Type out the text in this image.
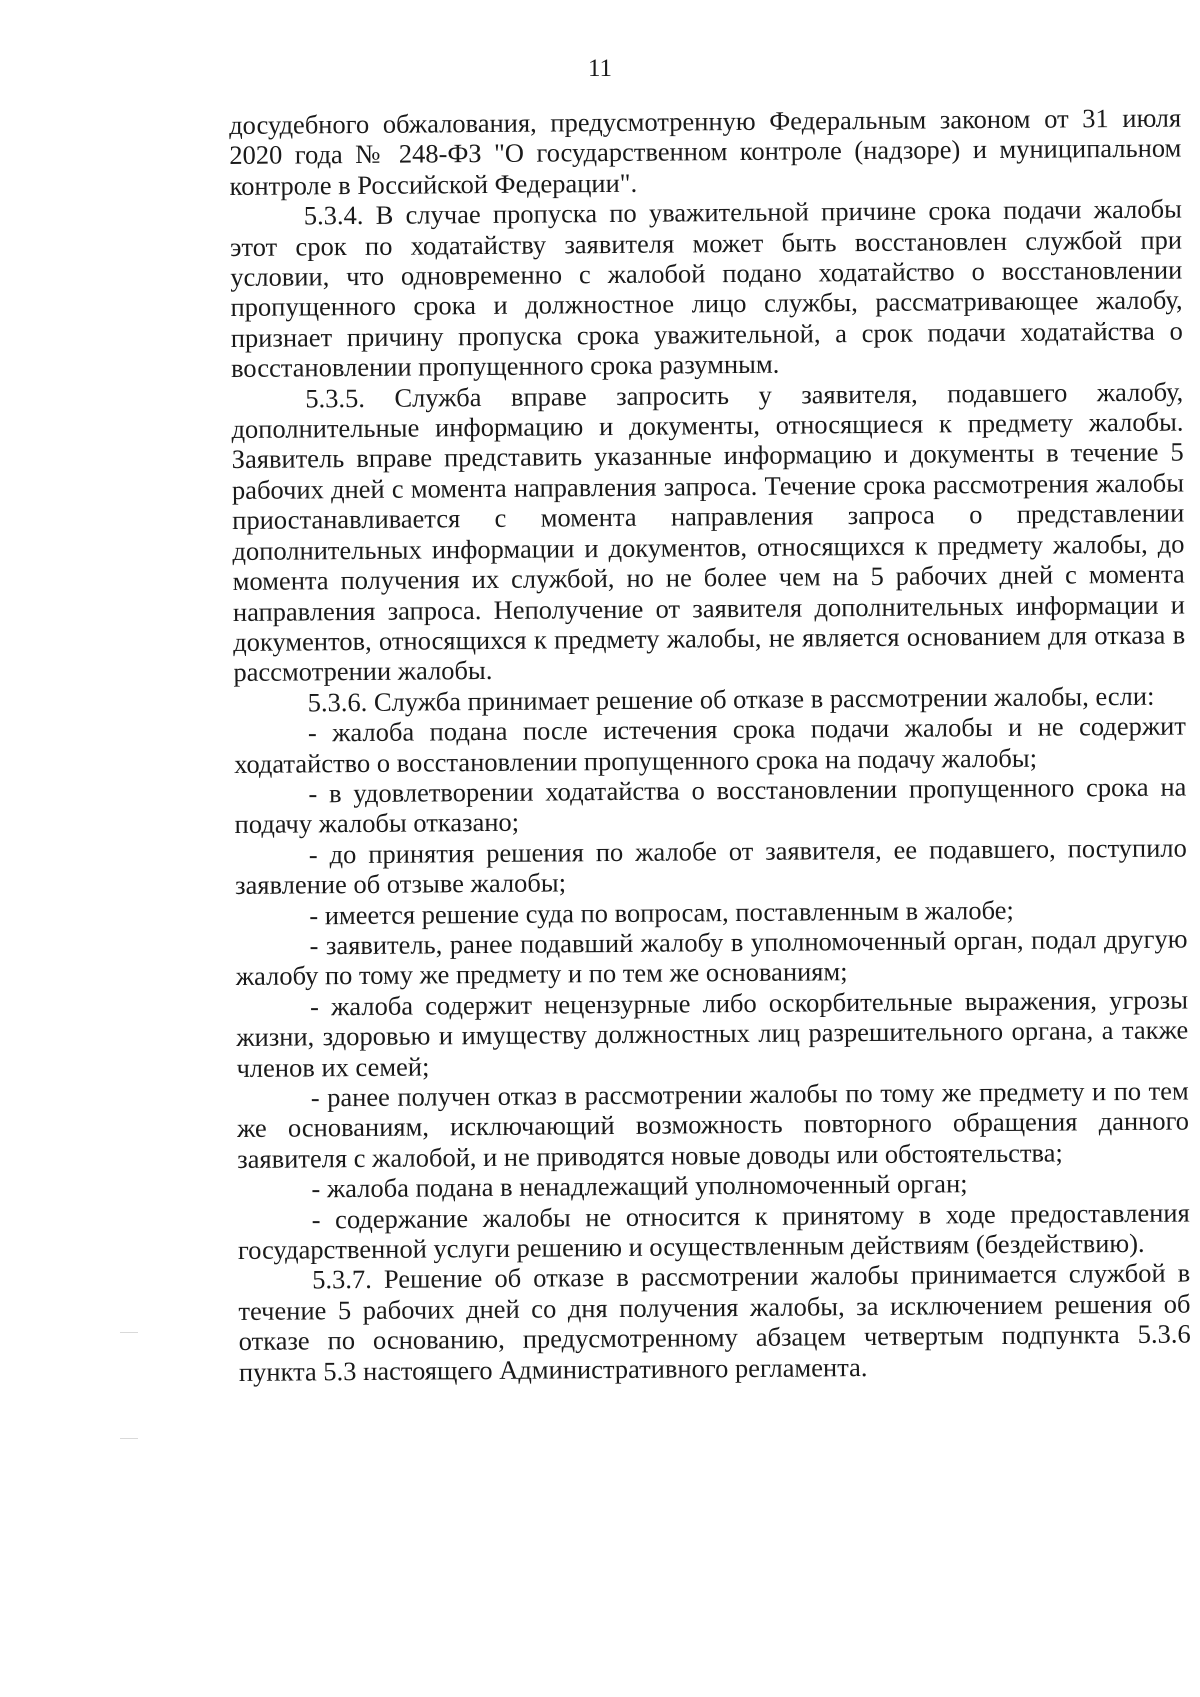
11

досудебного обжалования, предусмотренную Федеральным законом от 31 июля 2020 года № 248-ФЗ "О государственном контроле (надзоре) и муниципальном контроле в Российской Федерации".

5.3.4. В случае пропуска по уважительной причине срока подачи жалобы этот срок по ходатайству заявителя может быть восстановлен службой при условии, что одновременно с жалобой подано ходатайство о восстановлении пропущенного срока и должностное лицо службы, рассматривающее жалобу, признает причину пропуска срока уважительной, а срок подачи ходатайства о восстановлении пропущенного срока разумным.

5.3.5. Служба вправе запросить у заявителя, подавшего жалобу, дополнительные информацию и документы, относящиеся к предмету жалобы. Заявитель вправе представить указанные информацию и документы в течение 5 рабочих дней с момента направления запроса. Течение срока рассмотрения жалобы приостанавливается с момента направления запроса о представлении дополнительных информации и документов, относящихся к предмету жалобы, до момента получения их службой, но не более чем на 5 рабочих дней с момента направления запроса. Неполучение от заявителя дополнительных информации и документов, относящихся к предмету жалобы, не является основанием для отказа в рассмотрении жалобы.

5.3.6. Служба принимает решение об отказе в рассмотрении жалобы, если:

- жалоба подана после истечения срока подачи жалобы и не содержит ходатайство о восстановлении пропущенного срока на подачу жалобы;

- в удовлетворении ходатайства о восстановлении пропущенного срока на подачу жалобы отказано;

- до принятия решения по жалобе от заявителя, ее подавшего, поступило заявление об отзыве жалобы;

- имеется решение суда по вопросам, поставленным в жалобе;

- заявитель, ранее подавший жалобу в уполномоченный орган, подал другую жалобу по тому же предмету и по тем же основаниям;

- жалоба содержит нецензурные либо оскорбительные выражения, угрозы жизни, здоровью и имуществу должностных лиц разрешительного органа, а также членов их семей;

- ранее получен отказ в рассмотрении жалобы по тому же предмету и по тем же основаниям, исключающий возможность повторного обращения данного заявителя с жалобой, и не приводятся новые доводы или обстоятельства;

- жалоба подана в ненадлежащий уполномоченный орган;

- содержание жалобы не относится к принятому в ходе предоставления государственной услуги решению и осуществленным действиям (бездействию).

5.3.7. Решение об отказе в рассмотрении жалобы принимается службой в течение 5 рабочих дней со дня получения жалобы, за исключением решения об отказе по основанию, предусмотренному абзацем четвертым подпункта 5.3.6 пункта 5.3 настоящего Административного регламента.
